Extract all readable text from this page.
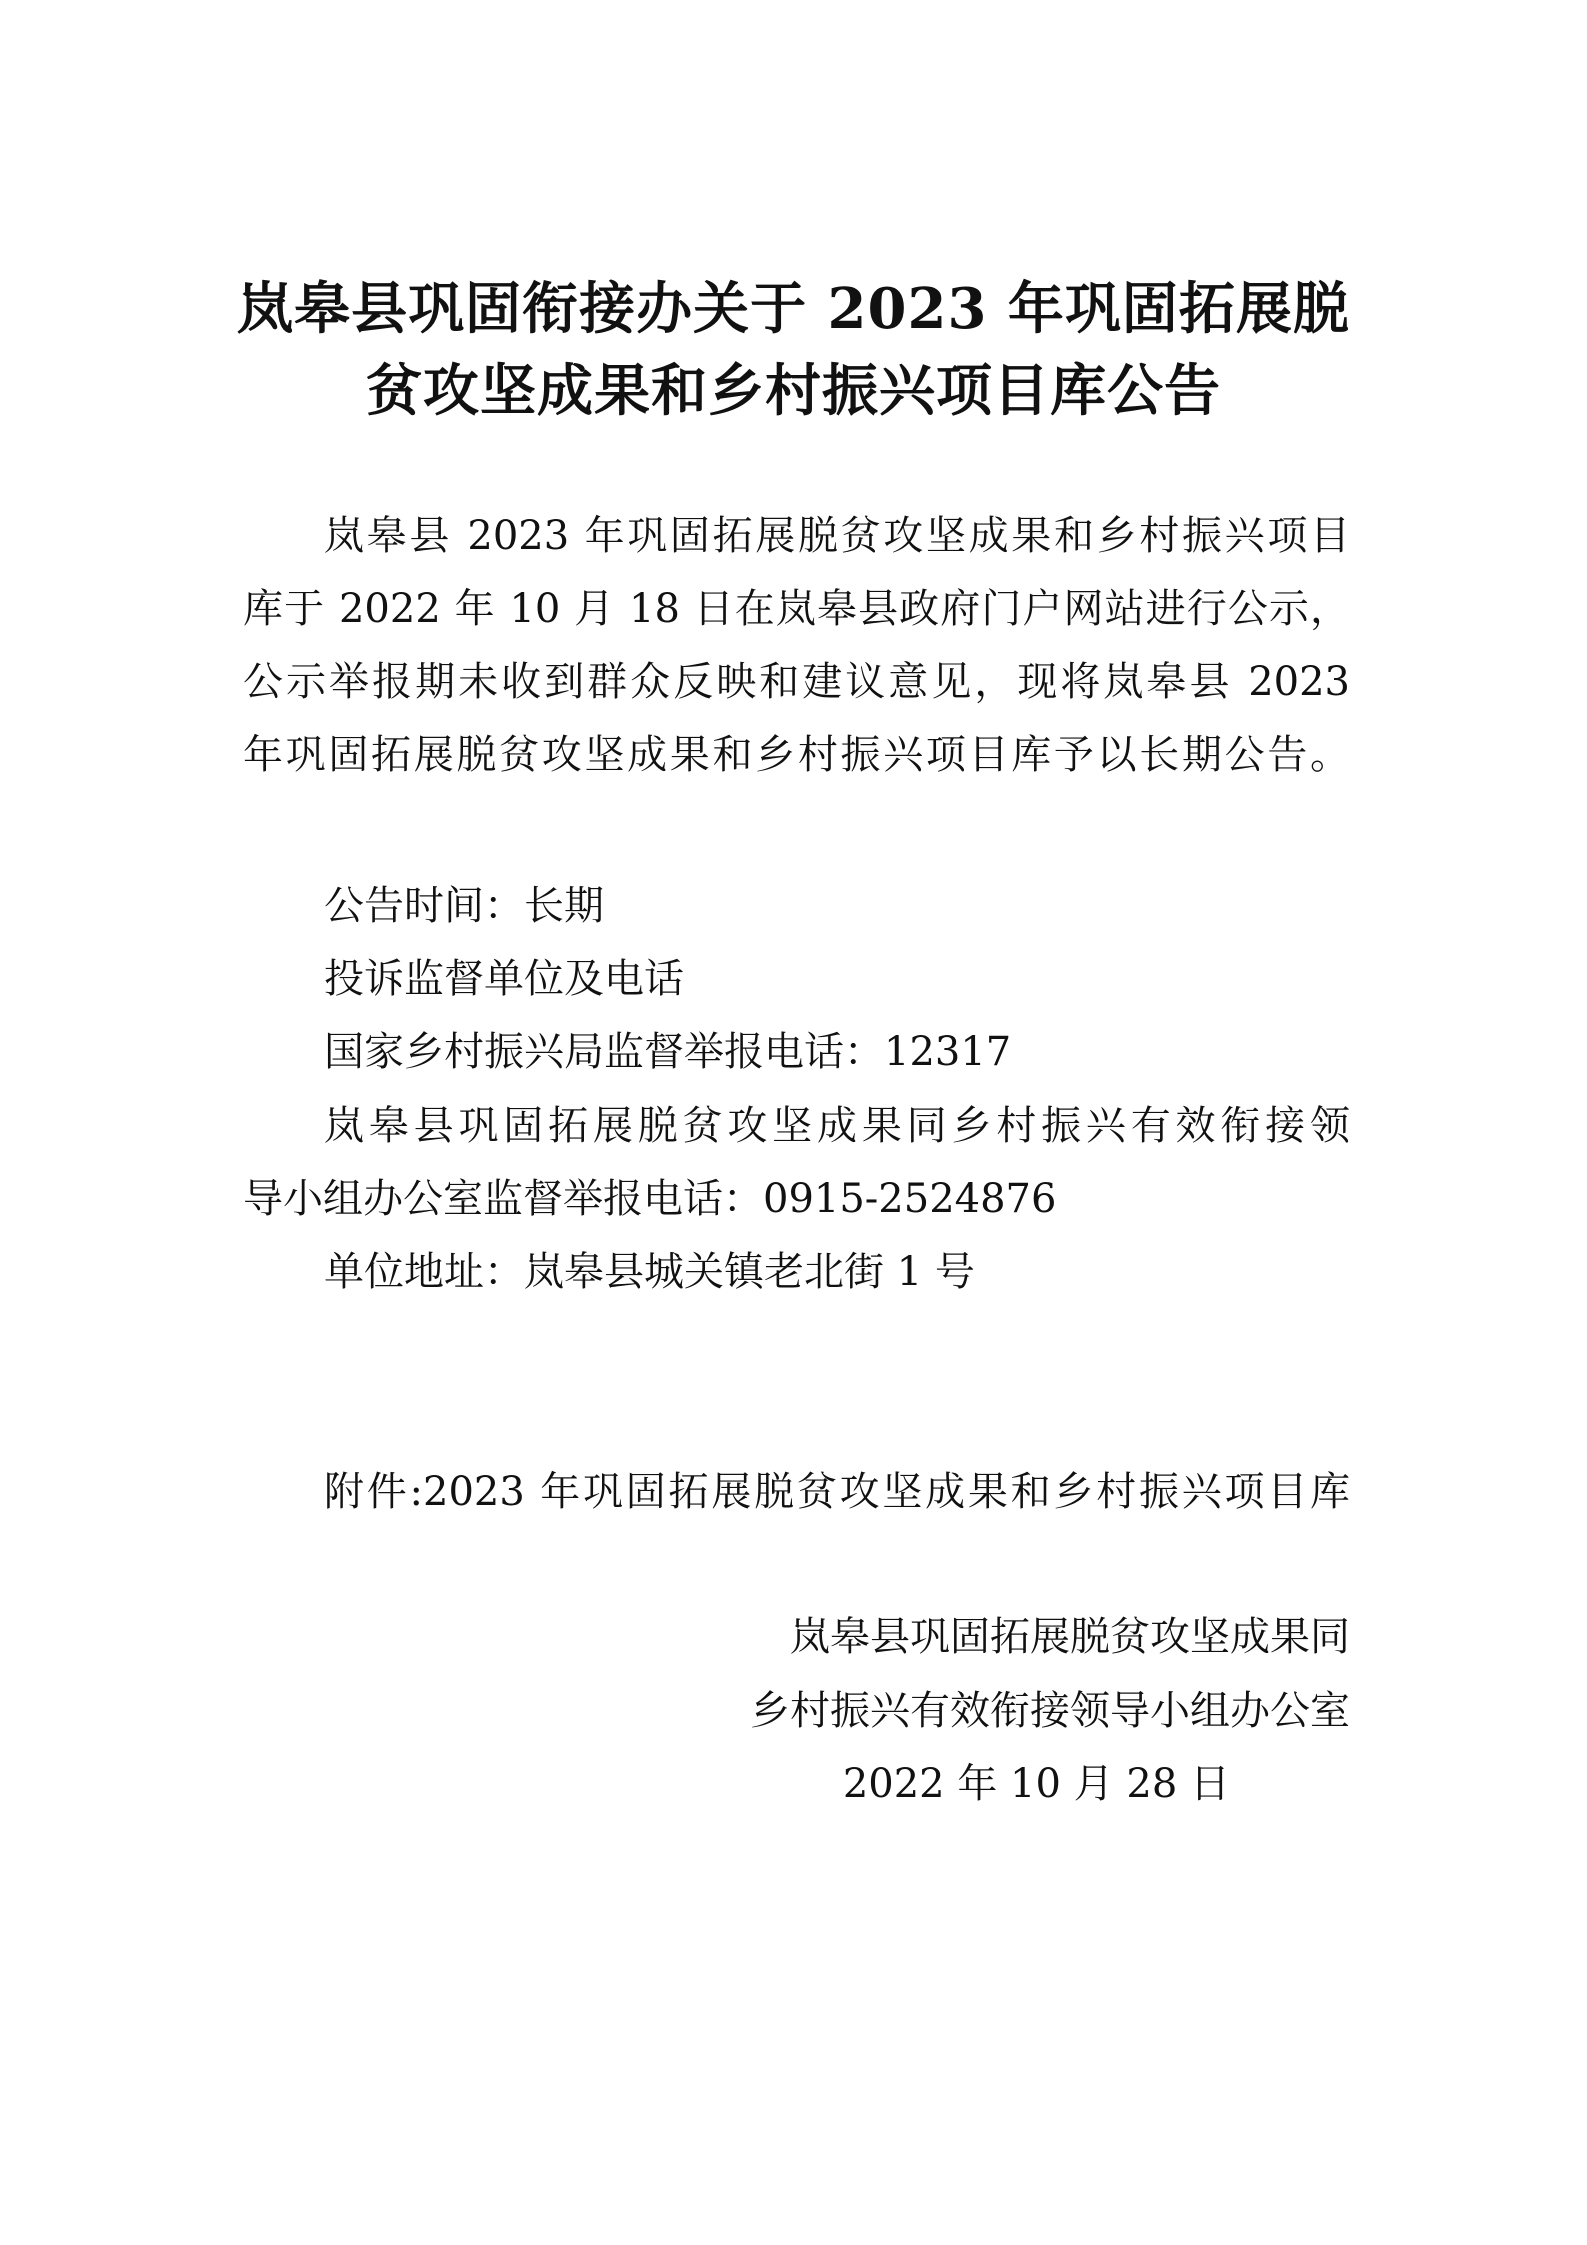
岚皋县巩固衔接办关于 2023 年巩固拓展脱
贫攻坚成果和乡村振兴项目库公告
岚皋县 2023 年巩固拓展脱贫攻坚成果和乡村振兴项目
库于 2022 年 10 月 18 日在岚皋县政府门户网站进行公示，
公示举报期未收到群众反映和建议意见，现将岚皋县 2023
年巩固拓展脱贫攻坚成果和乡村振兴项目库予以长期公告。
公告时间：长期
投诉监督单位及电话
国家乡村振兴局监督举报电话：12317
岚皋县巩固拓展脱贫攻坚成果同乡村振兴有效衔接领
导小组办公室监督举报电话：0915-2524876
单位地址：岚皋县城关镇老北街 1 号
附件:2023 年巩固拓展脱贫攻坚成果和乡村振兴项目库
岚皋县巩固拓展脱贫攻坚成果同
乡村振兴有效衔接领导小组办公室
2022 年 10 月 28 日
